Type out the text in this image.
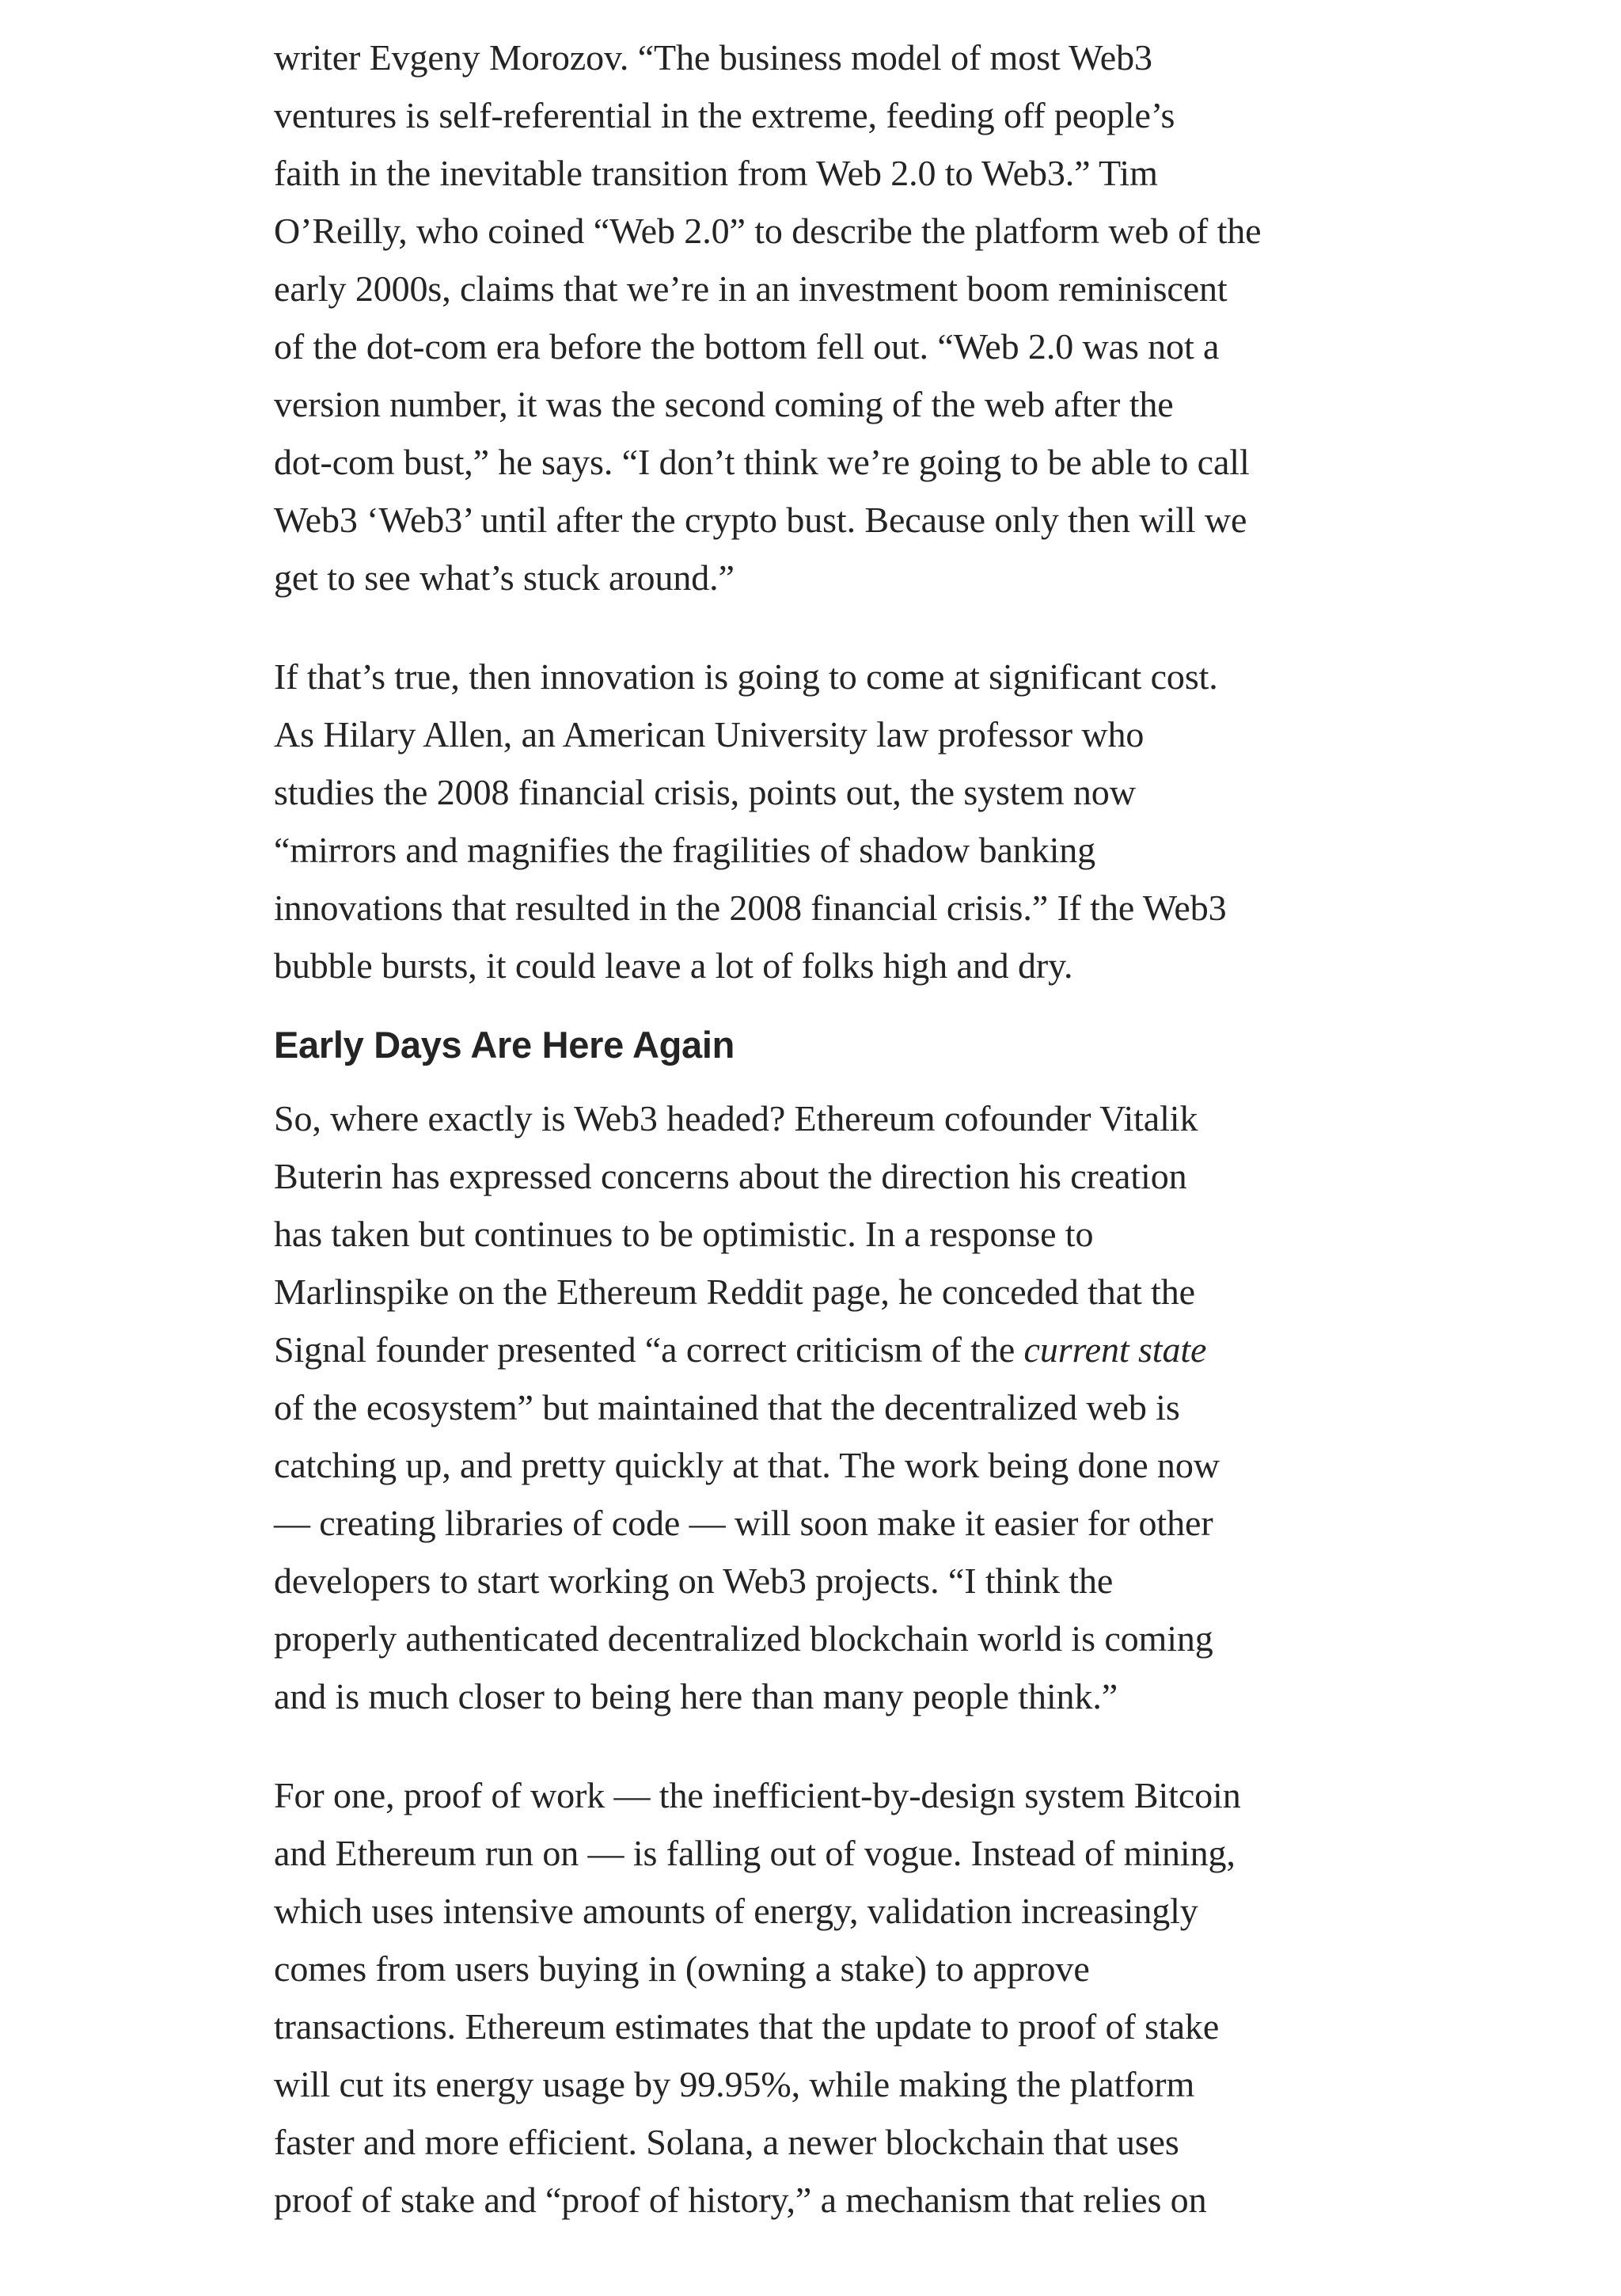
writer Evgeny Morozov. “The business model of most Web3
ventures is self-referential in the extreme, feeding off people’s
faith in the inevitable transition from Web 2.0 to Web3.” Tim
O’Reilly, who coined “Web 2.0” to describe the platform web of the
early 2000s, claims that we’re in an investment boom reminiscent
of the dot-com era before the bottom fell out. “Web 2.0 was not a
version number, it was the second coming of the web after the
dot-com bust,” he says. “I don’t think we’re going to be able to call
Web3 ‘Web3’ until after the crypto bust. Because only then will we
get to see what’s stuck around.”

If that’s true, then innovation is going to come at significant cost.
As Hilary Allen, an American University law professor who
studies the 2008 financial crisis, points out, the system now
“mirrors and magnifies the fragilities of shadow banking
innovations that resulted in the 2008 financial crisis.” If the Web3
bubble bursts, it could leave a lot of folks high and dry.

Early Days Are Here Again

So, where exactly is Web3 headed? Ethereum cofounder Vitalik
Buterin has expressed concerns about the direction his creation
has taken but continues to be optimistic. In a response to
Marlinspike on the Ethereum Reddit page, he conceded that the
Signal founder presented “a correct criticism of the current state
of the ecosystem” but maintained that the decentralized web is
catching up, and pretty quickly at that. The work being done now
— creating libraries of code — will soon make it easier for other
developers to start working on Web3 projects. “I think the
properly authenticated decentralized blockchain world is coming
and is much closer to being here than many people think.”

For one, proof of work — the inefficient-by-design system Bitcoin
and Ethereum run on — is falling out of vogue. Instead of mining,
which uses intensive amounts of energy, validation increasingly
comes from users buying in (owning a stake) to approve
transactions. Ethereum estimates that the update to proof of stake
will cut its energy usage by 99.95%, while making the platform
faster and more efficient. Solana, a newer blockchain that uses
proof of stake and “proof of history,” a mechanism that relies on
